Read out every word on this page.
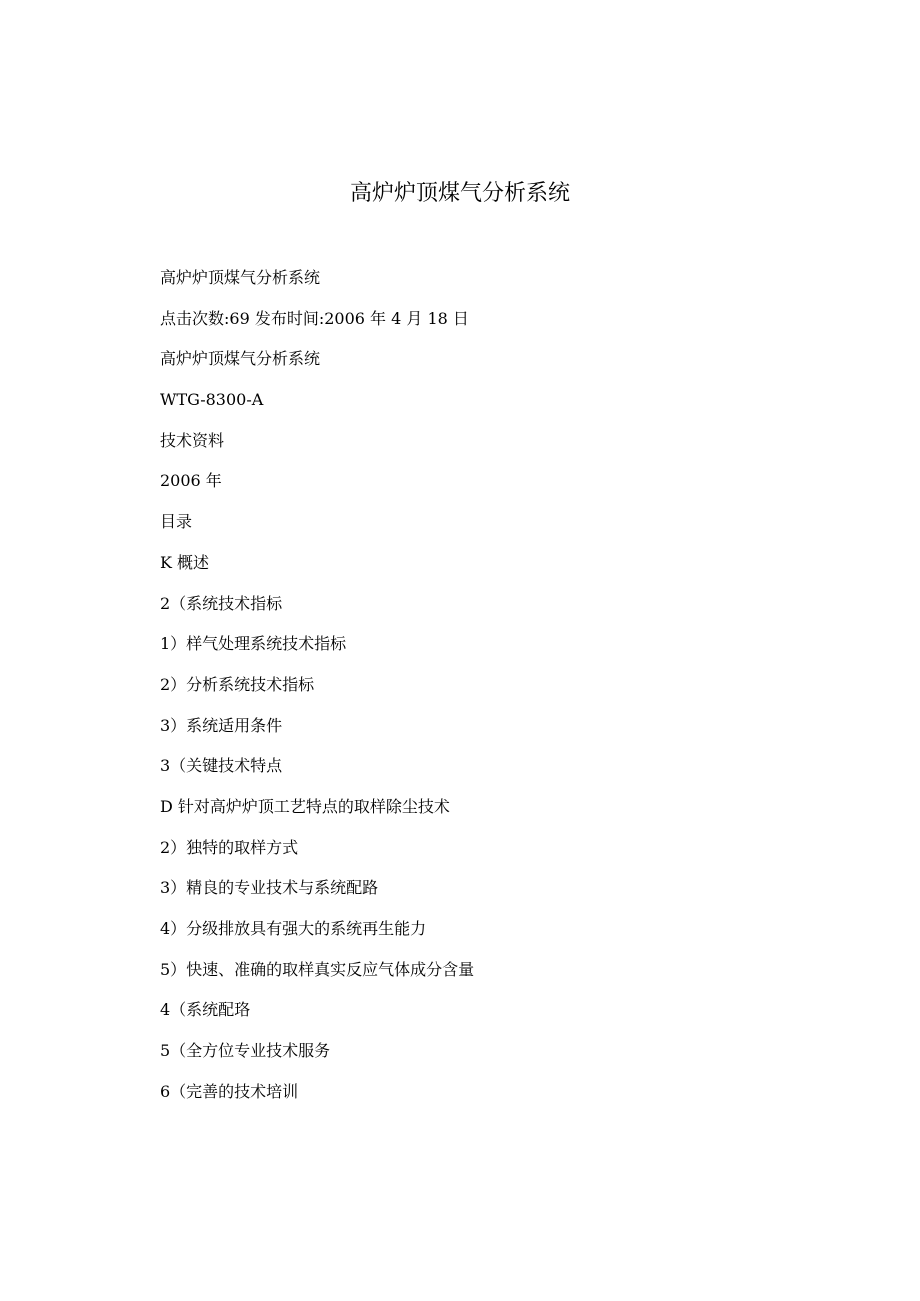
高炉炉顶煤气分析系统
高炉炉顶煤气分析系统
点击次数:69 发布时间:2006 年 4 月 18 日
高炉炉顶煤气分析系统
WTG-8300-A
技术资料
2006 年
目录
K 概述
2（系统技术指标
1）样气处理系统技术指标
2）分析系统技术指标
3）系统适用条件
3（关键技术特点
D 针对高炉炉顶工艺特点的取样除尘技术
2）独特的取样方式
3）精良的专业技术与系统配路
4）分级排放具有强大的系统再生能力
5）快速、准确的取样真实反应气体成分含量
4（系统配珞
5（全方位专业技术服务
6（完善的技术培训
